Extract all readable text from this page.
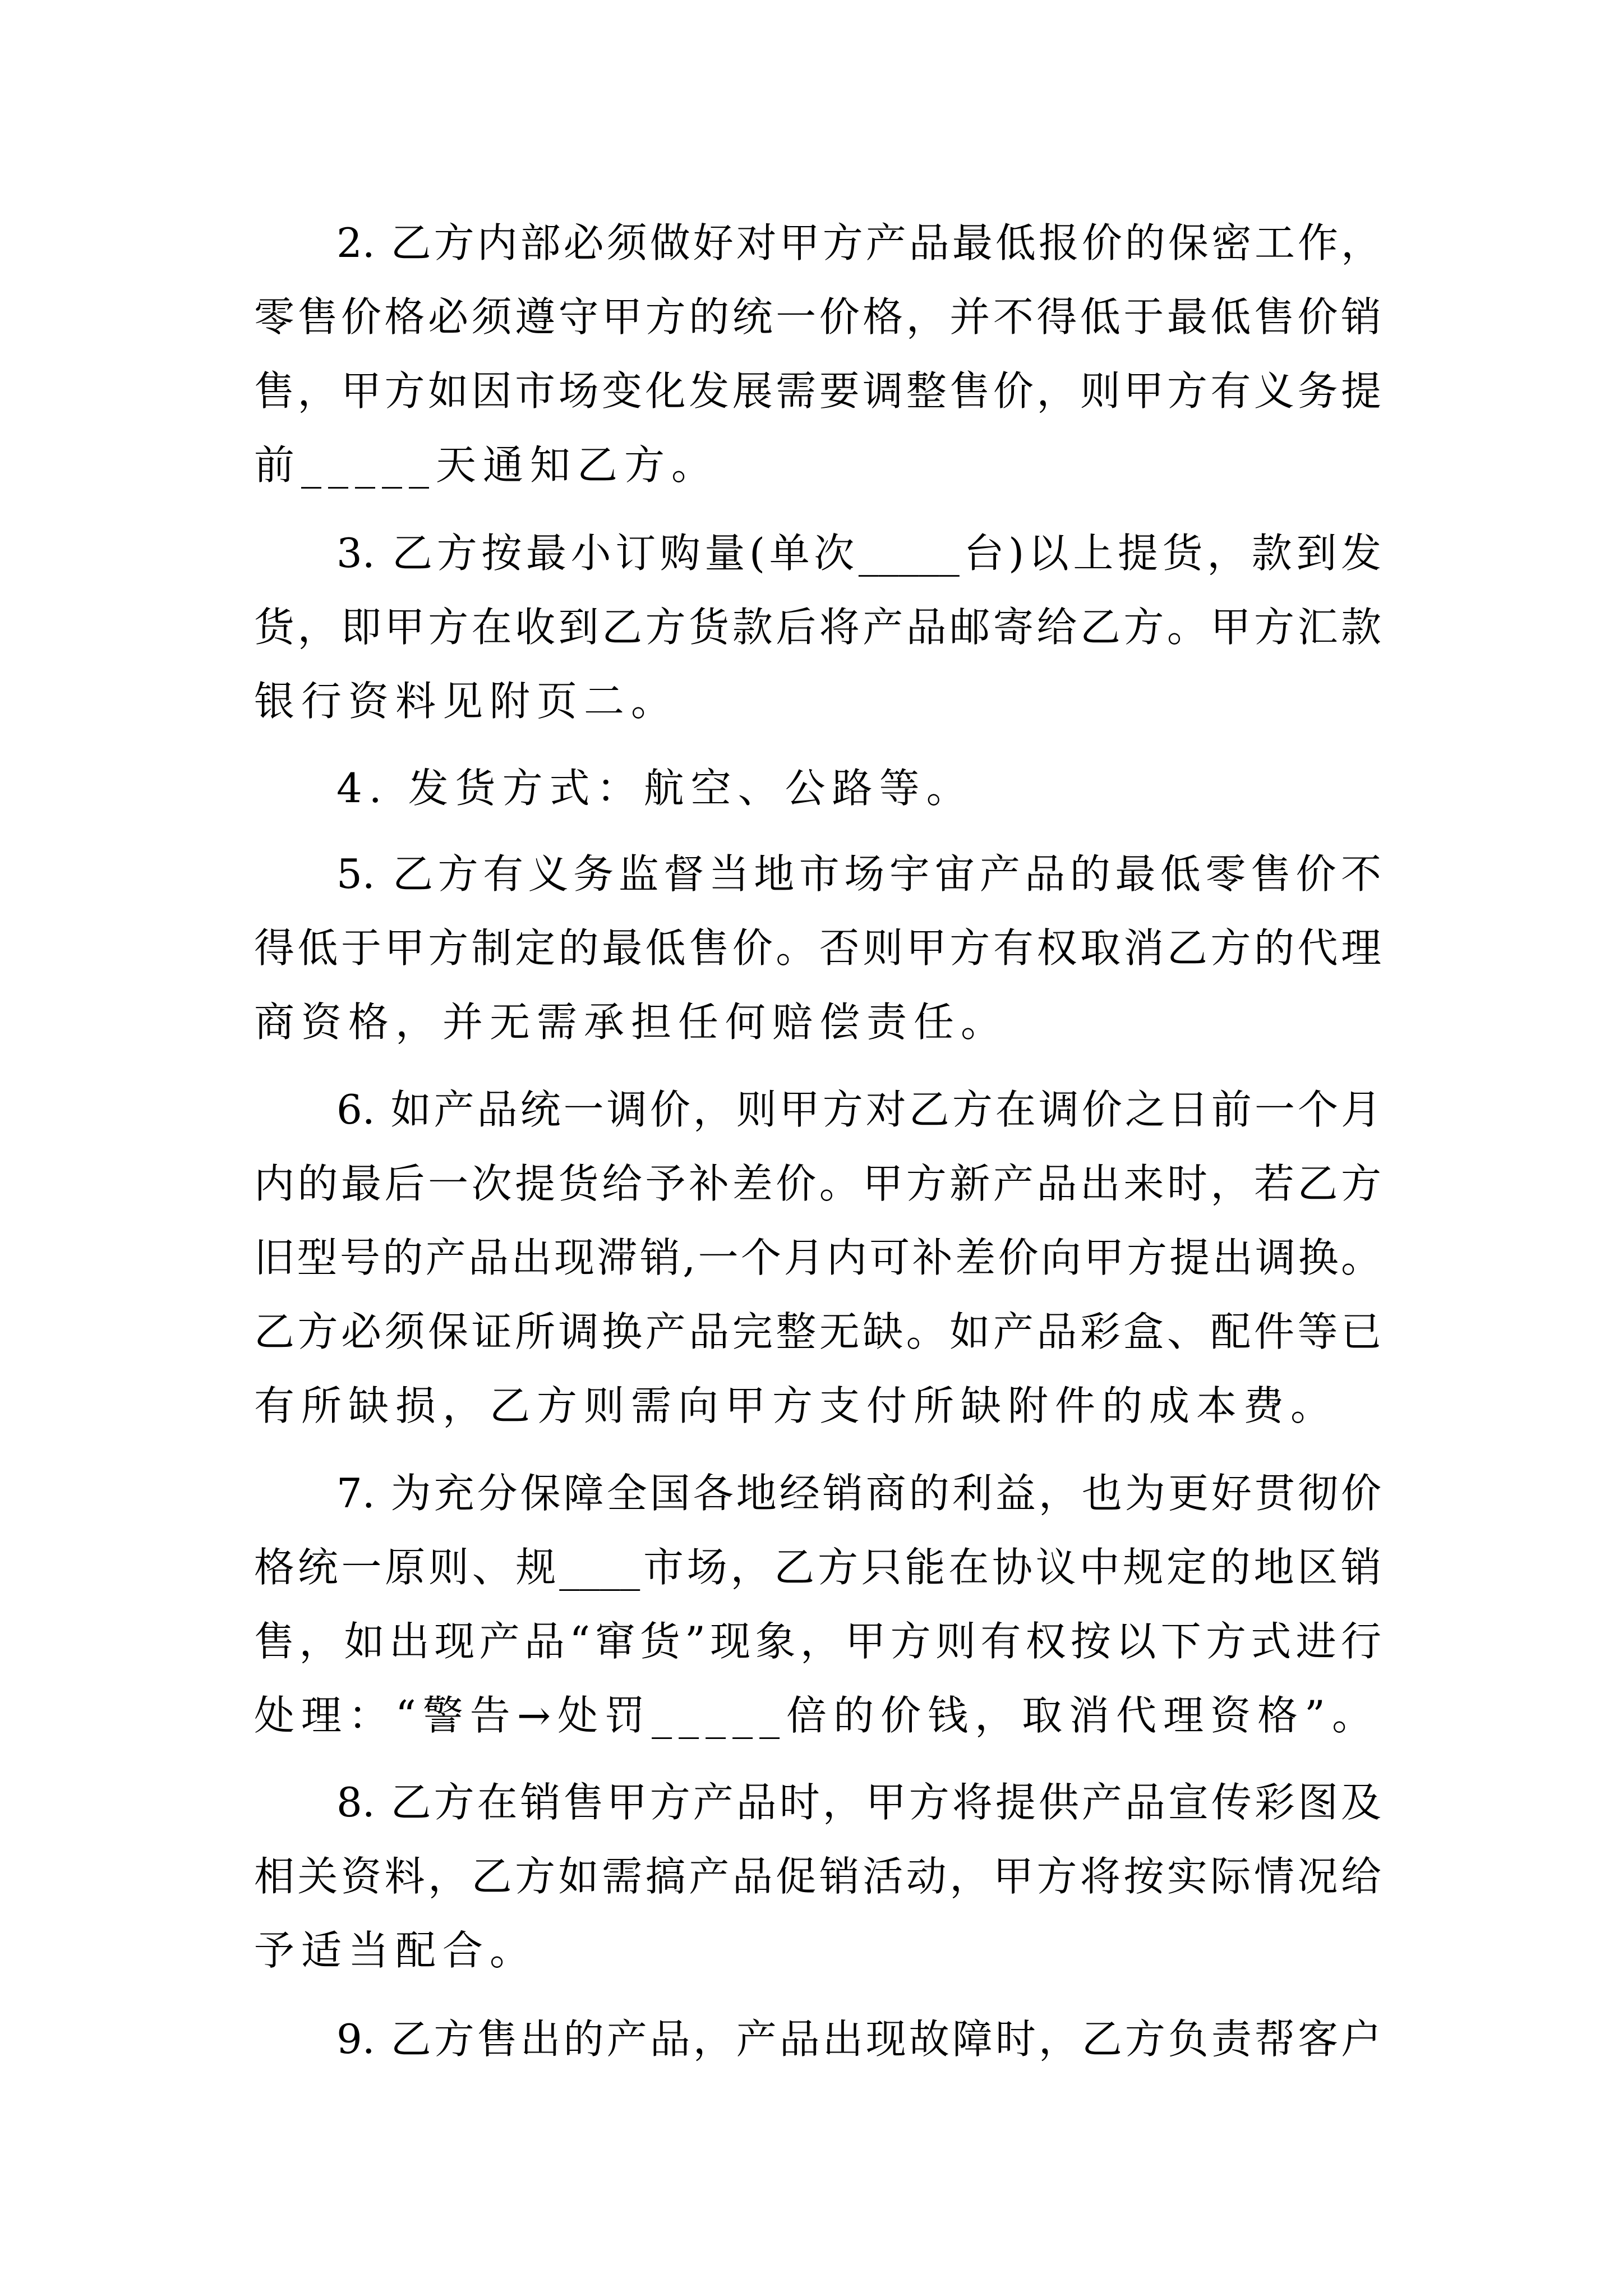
2. 乙方内部必须做好对甲方产品最低报价的保密工作，
零售价格必须遵守甲方的统一价格，并不得低于最低售价销
售，甲方如因市场变化发展需要调整售价，则甲方有义务提
前_____天通知乙方。
3. 乙方按最小订购量(单次_____台)以上提货，款到发
货，即甲方在收到乙方货款后将产品邮寄给乙方。甲方汇款
银行资料见附页二。
4. 发货方式：航空、公路等。
5. 乙方有义务监督当地市场宇宙产品的最低零售价不
得低于甲方制定的最低售价。否则甲方有权取消乙方的代理
商资格，并无需承担任何赔偿责任。
6. 如产品统一调价，则甲方对乙方在调价之日前一个月
内的最后一次提货给予补差价。甲方新产品出来时，若乙方
旧型号的产品出现滞销,一个月内可补差价向甲方提出调换。
乙方必须保证所调换产品完整无缺。如产品彩盒、配件等已
有所缺损，乙方则需向甲方支付所缺附件的成本费。
7. 为充分保障全国各地经销商的利益，也为更好贯彻价
格统一原则、规____市场，乙方只能在协议中规定的地区销
售，如出现产品“窜货”现象，甲方则有权按以下方式进行
处理：“警告→处罚_____倍的价钱，取消代理资格”。
8. 乙方在销售甲方产品时，甲方将提供产品宣传彩图及
相关资料，乙方如需搞产品促销活动，甲方将按实际情况给
予适当配合。
9. 乙方售出的产品，产品出现故障时，乙方负责帮客户
